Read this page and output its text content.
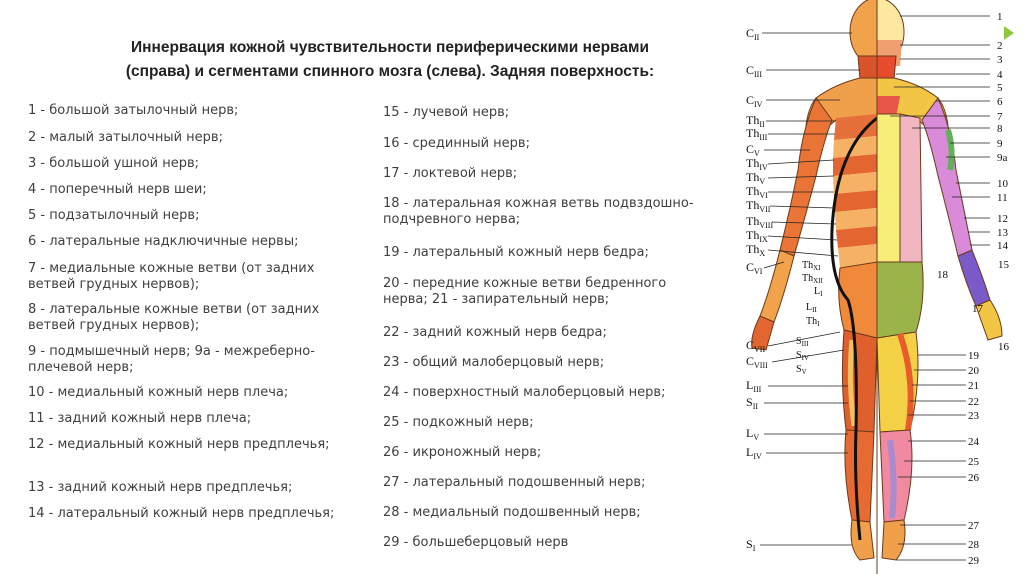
Иннервация кожной чувствительности периферическими нервами
(справа) и сегментами спинного мозга (слева). Задняя поверхность:
1 - большой затылочный нерв;
2 - малый затылочный нерв;
3 - большой ушной нерв;
4 - поперечный нерв шеи;
5 - подзатылочный нерв;
6 - латеральные надключичные нервы;
7 - медиальные кожные ветви (от задних ветвей грудных нервов);
8 - латеральные кожные ветви (от задних ветвей грудных нервов);
9 - подмышечный нерв; 9а - межреберно-плечевой нерв;
10 - медиальный кожный нерв плеча;
11 - задний кожный нерв плеча;
12 - медиальный кожный нерв предплечья;
13 - задний кожный нерв предплечья;
14 - латеральный кожный нерв предплечья;
15 - лучевой нерв;
16 - срединный нерв;
17 - локтевой нерв;
18 - латеральная кожная ветвь подвздошно-подчревного нерва;
19 - латеральный кожный нерв бедра;
20 - передние кожные ветви бедренного нерва; 21 - запирательный нерв;
22 - задний кожный нерв бедра;
23 - общий малоберцовый нерв;
24 - поверхностный малоберцовый нерв;
25 - подкожный нерв;
26 - икроножный нерв;
27 - латеральный подошвенный нерв;
28 - медиальный подошвенный нерв;
29 - большеберцовый нерв
$C_{II}$
$C_{III}$
$C_{IV}$
$Th_{II}$
$Th_{III}$
$C_V$
$Th_{IV}$
$Th_V$
$Th_{VI}$
$Th_{VII}$
$Th_{VIII}$
$Th_{IX}$
$Th_X$
$C_{VI}$
$C_{VII}$
$C_{VIII}$
$L_{III}$
$S_{II}$
$L_V$
$L_{IV}$
$S_I$
$Th_{XI}$
$Th_{XII}$
$L_I$
$L_{II}$
$Th_I$
$S_{III}$
$S_{IV}$
$S_V$
1
2
3
4
5
6
7
8
9
9а
10
11
12
13
14
15
16
17
18
19
20
21
22
23
24
25
26
27
28
29
